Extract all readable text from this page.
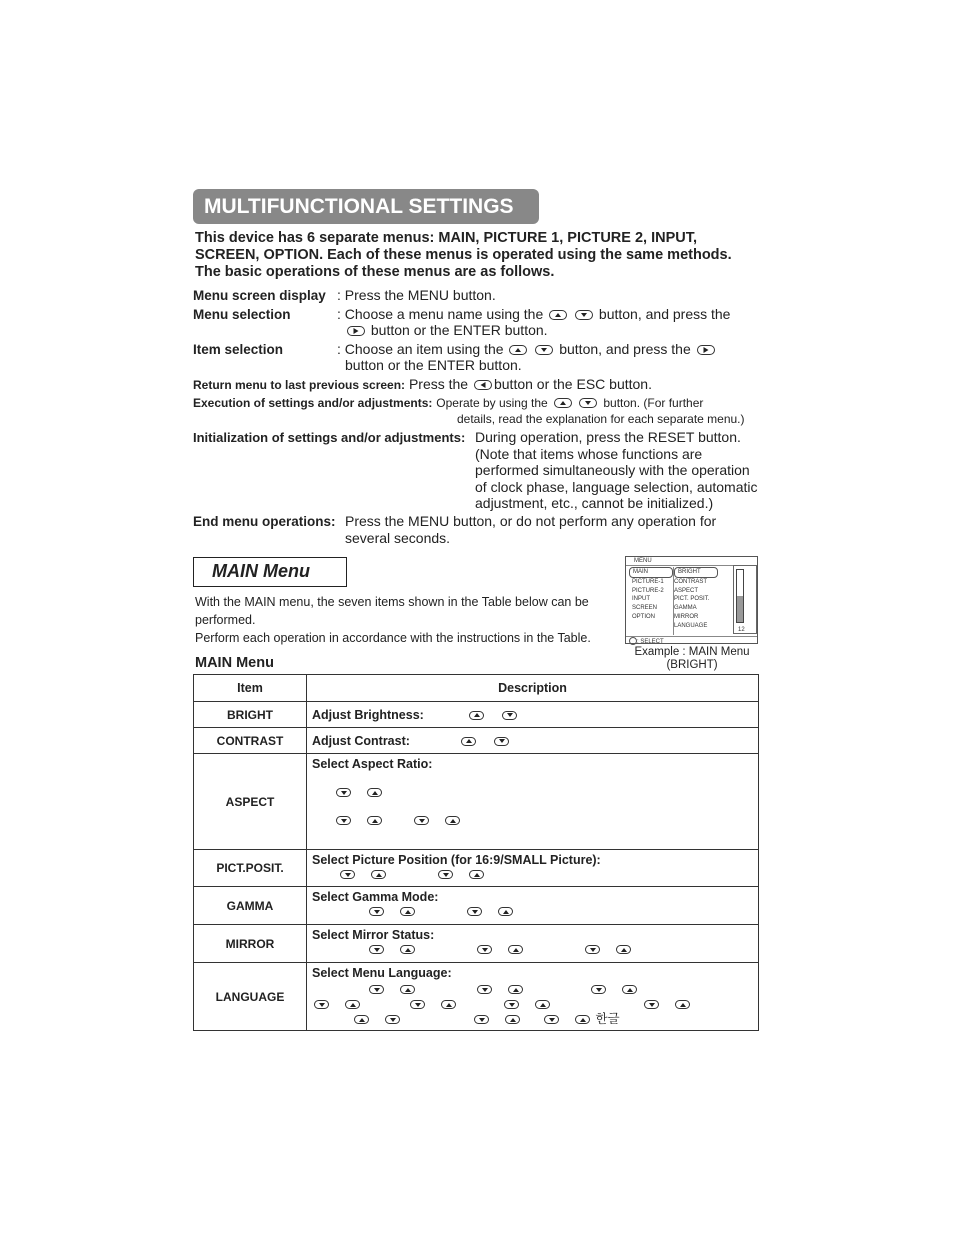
MULTIFUNCTIONAL SETTINGS
This device has 6 separate menus: MAIN, PICTURE 1, PICTURE 2, INPUT,
SCREEN, OPTION. Each of these menus is operated using the same methods.
The basic operations of these menus are as follows.
Menu screen display : Press the MENU button.
Menu selection	: Choose a menu name using the	button, and press the
button or the ENTER button.
Item selection	: Choose an item using the	button, and press the
button or the ENTER button.
Return menu to last previous screen: Press the button or the ESC button.
Execution of settings and/or adjustments: Operate by using the	button. (For further
details, read the explanation for each separate menu.)
Initialization of settings and/or adjustments: During operation, press the RESET button.
(Note that items whose functions are
performed simultaneously with the operation
of clock phase, language selection, automatic
adjustment, etc., cannot be initialized.)
End menu operations: Press the MENU button, or do not perform any operation for
several seconds.
MAIN Menu
With the MAIN menu, the seven items shown in the Table below can be
performed.
Perform each operation in accordance with the instructions in the Table.
MENU
MAIN
PICTURE-1
PICTURE-2
INPUT
SCREEN
OPTION
BRIGHT
CONTRAST
ASPECT
PICT. POSIT.
GAMMA
MIRROR
LANGUAGE
12
: SELECT
Example : MAIN Menu
(BRIGHT)
MAIN Menu
Item	Description
BRIGHT	Adjust Brightness:
CONTRAST	Adjust Contrast:
ASPECT	Select Aspect Ratio:

PICT.POSIT.	Select Picture Position (for 16:9/SMALL Picture):

GAMMA	Select Gamma Mode:

MIRROR	Select Mirror Status:

LANGUAGE	Select Menu Language:
한글
